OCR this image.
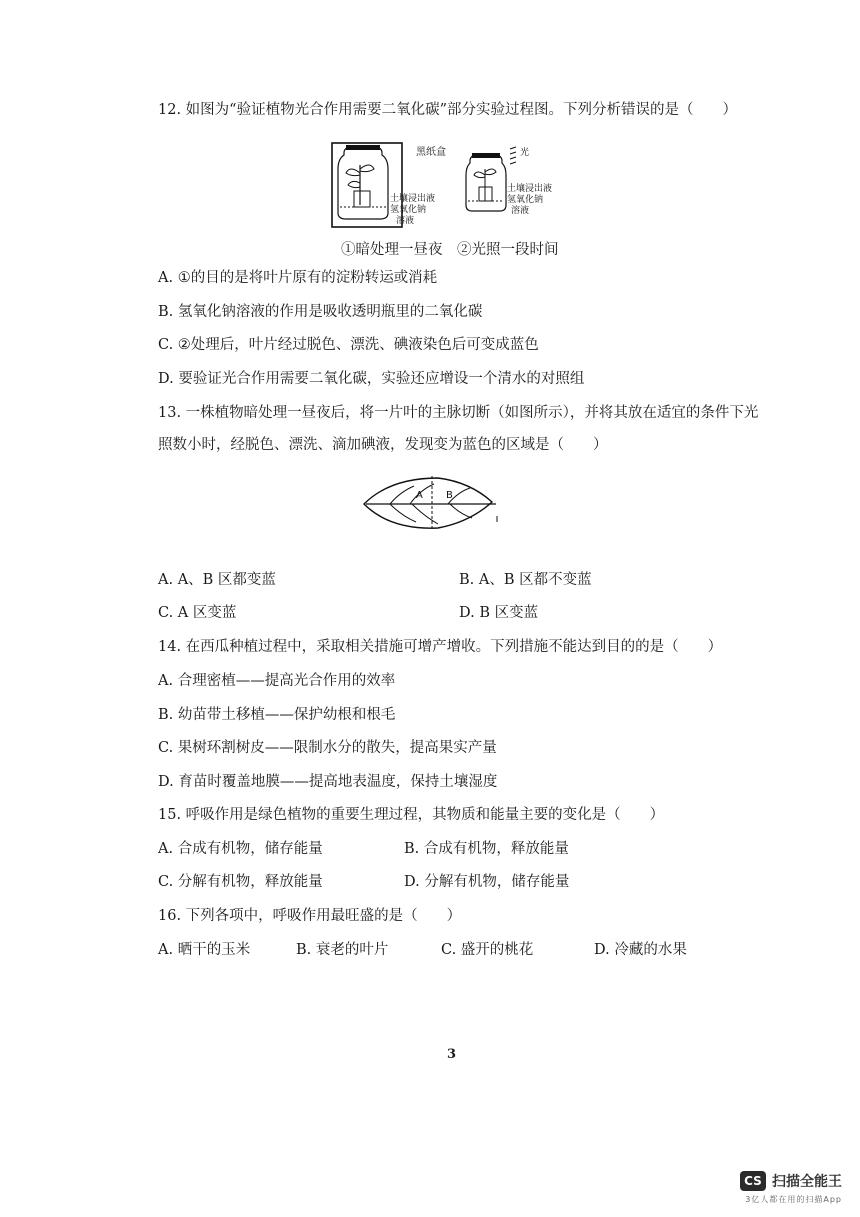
12. 如图为“验证植物光合作用需要二氧化碳”部分实验过程图。下列分析错误的是（　　）
黑纸盒
土壤浸出液
氢氧化钠
溶液
光
土壤浸出液
氢氧化钠
溶液
①暗处理一昼夜　②光照一段时间
A. ①的目的是将叶片原有的淀粉转运或消耗
B. 氢氧化钠溶液的作用是吸收透明瓶里的二氧化碳
C. ②处理后，叶片经过脱色、漂洗、碘液染色后可变成蓝色
D. 要验证光合作用需要二氧化碳，实验还应增设一个清水的对照组
13. 一株植物暗处理一昼夜后，将一片叶的主脉切断（如图所示），并将其放在适宜的条件下光
照数小时，经脱色、漂洗、滴加碘液，发现变为蓝色的区域是（　　）
A B
A. A、B 区都变蓝	B. A、B 区都不变蓝
C. A 区变蓝	D. B 区变蓝
14. 在西瓜种植过程中，采取相关措施可增产增收。下列措施不能达到目的的是（　　）
A. 合理密植——提高光合作用的效率
B. 幼苗带土移植——保护幼根和根毛
C. 果树环割树皮——限制水分的散失，提高果实产量
D. 育苗时覆盖地膜——提高地表温度，保持土壤湿度
15. 呼吸作用是绿色植物的重要生理过程，其物质和能量主要的变化是（　　）
A. 合成有机物，储存能量	B. 合成有机物，释放能量
C. 分解有机物，释放能量	D. 分解有机物，储存能量
16. 下列各项中，呼吸作用最旺盛的是（　　）
A. 晒干的玉米	B. 衰老的叶片	C. 盛开的桃花	D. 冷藏的水果
3
CS 扫描全能王
3亿人都在用的扫描App
